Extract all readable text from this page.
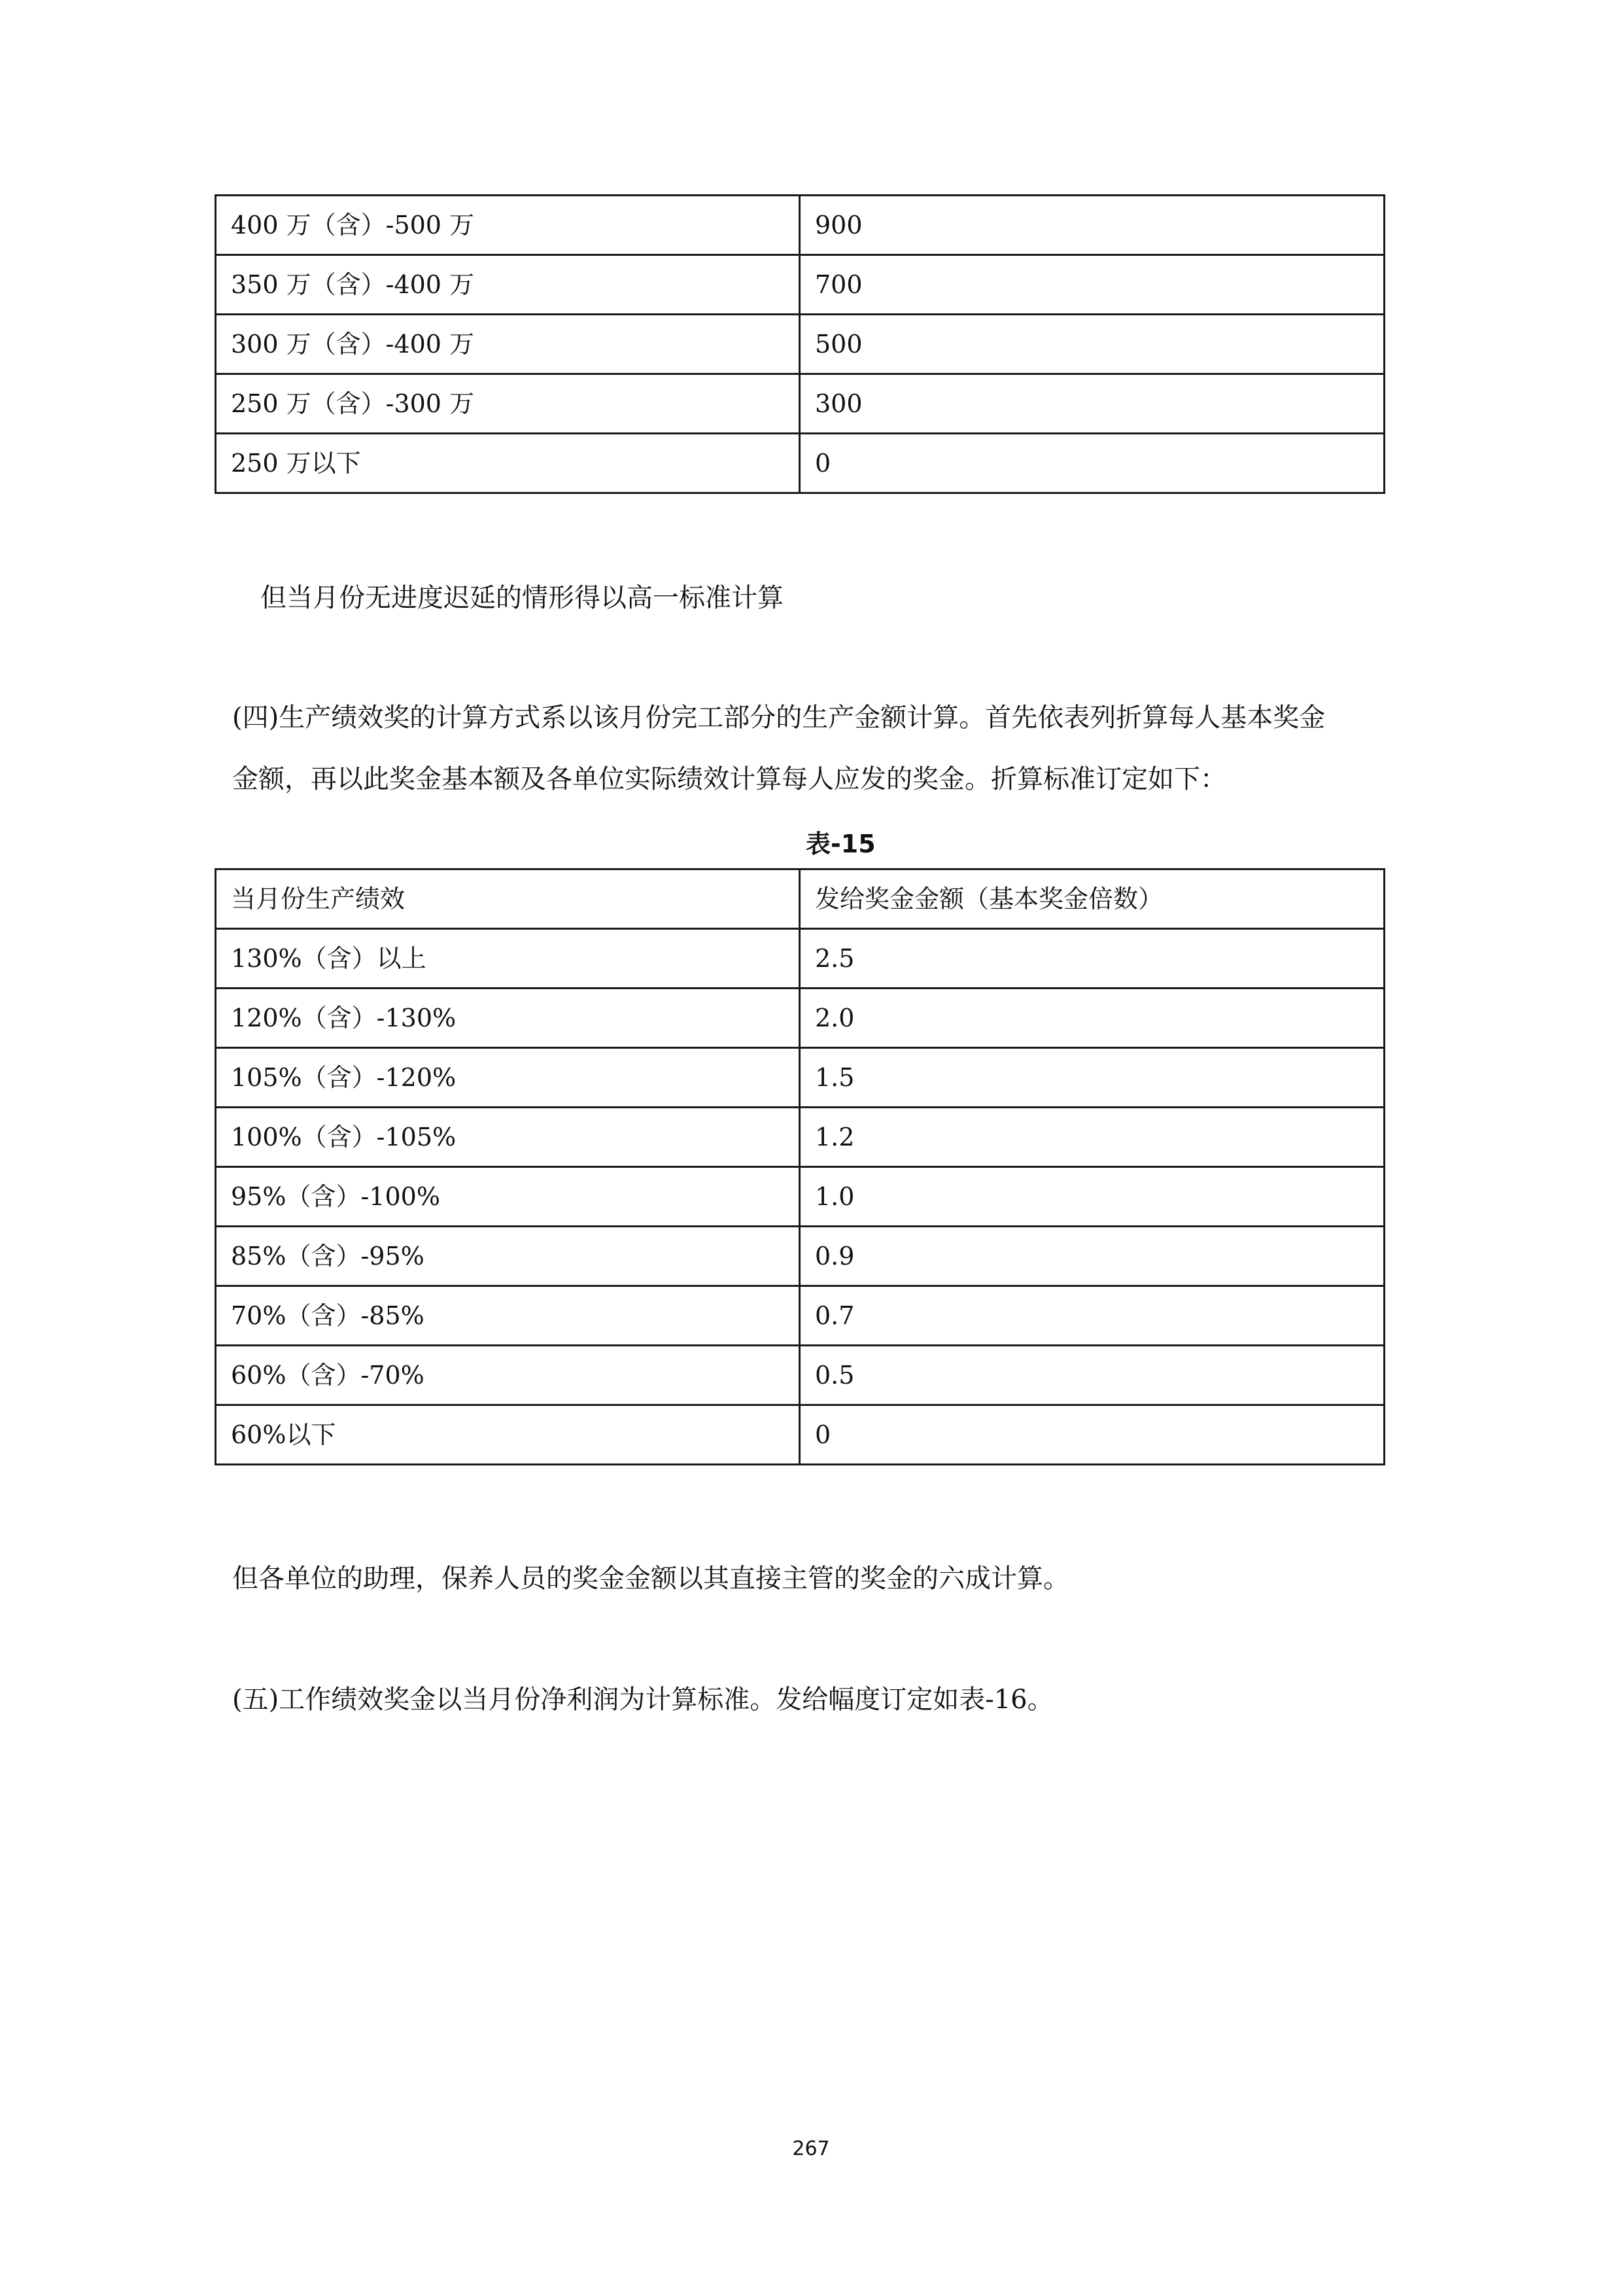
400 万（含）-500 万	900
350 万（含）-400 万	700
300 万（含）-400 万	500
250 万（含）-300 万	300
250 万以下	0

但当月份无进度迟延的情形得以高一标准计算

(四)生产绩效奖的计算方式系以该月份完工部分的生产金额计算。首先依表列折算每人基本奖金

金额，再以此奖金基本额及各单位实际绩效计算每人应发的奖金。折算标准订定如下：

表-15
当月份生产绩效	发给奖金金额（基本奖金倍数）
130%（含）以上	2.5
120%（含）-130%	2.0
105%（含）-120%	1.5
100%（含）-105%	1.2
95%（含）-100%	1.0
85%（含）-95%	0.9
70%（含）-85%	0.7
60%（含）-70%	0.5
60%以下	0

但各单位的助理，保养人员的奖金金额以其直接主管的奖金的六成计算。

(五)工作绩效奖金以当月份净利润为计算标准。发给幅度订定如表-16。

267
